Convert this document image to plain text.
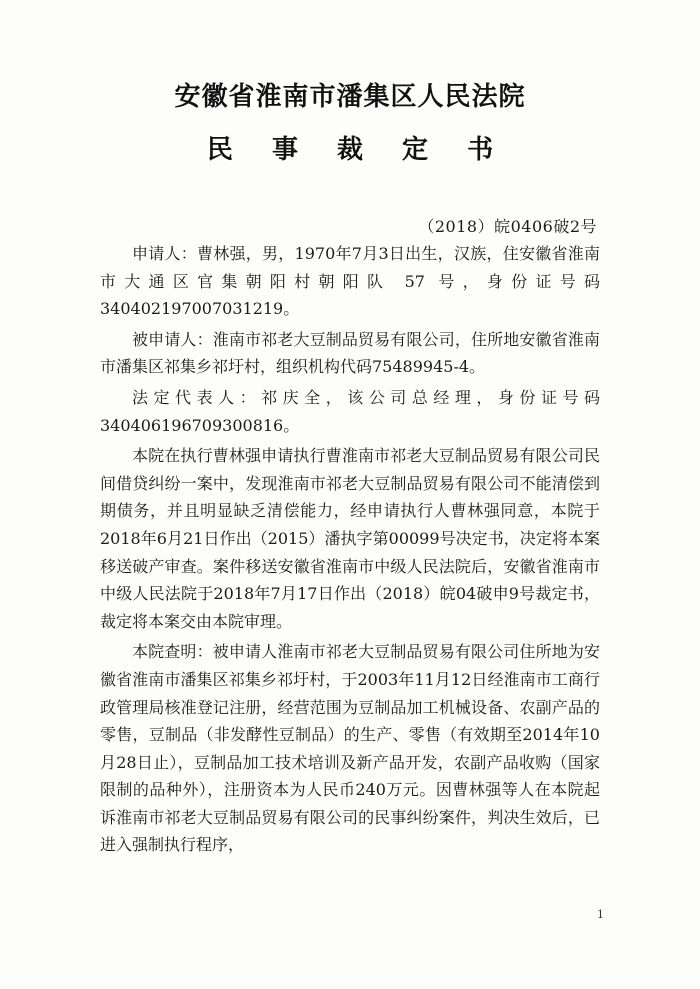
安徽省淮南市潘集区人民法院
民 事 裁 定 书
（2018）皖0406破2号

申请人：曹林强，男，1970年7月3日出生，汉族，住安徽省淮南市大通区官集朝阳村朝阳队 57 号，身份证号码340402197007031219。

被申请人：淮南市祁老大豆制品贸易有限公司，住所地安徽省淮南市潘集区祁集乡祁圩村，组织机构代码75489945-4。

法定代表人：祁庆全，该公司总经理，身份证号码340406196709300816。

本院在执行曹林强申请执行曹淮南市祁老大豆制品贸易有限公司民间借贷纠纷一案中，发现淮南市祁老大豆制品贸易有限公司不能清偿到期债务，并且明显缺乏清偿能力，经申请执行人曹林强同意，本院于2018年6月21日作出（2015）潘执字第00099号决定书，决定将本案移送破产审查。案件移送安徽省淮南市中级人民法院后，安徽省淮南市中级人民法院于2018年7月17日作出（2018）皖04破申9号裁定书，裁定将本案交由本院审理。

本院查明：被申请人淮南市祁老大豆制品贸易有限公司住所地为安徽省淮南市潘集区祁集乡祁圩村，于2003年11月12日经淮南市工商行政管理局核准登记注册，经营范围为豆制品加工机械设备、农副产品的零售，豆制品（非发酵性豆制品）的生产、零售（有效期至2014年10月28日止），豆制品加工技术培训及新产品开发，农副产品收购（国家限制的品种外），注册资本为人民币240万元。因曹林强等人在本院起诉淮南市祁老大豆制品贸易有限公司的民事纠纷案件，判决生效后，已进入强制执行程序，

1
